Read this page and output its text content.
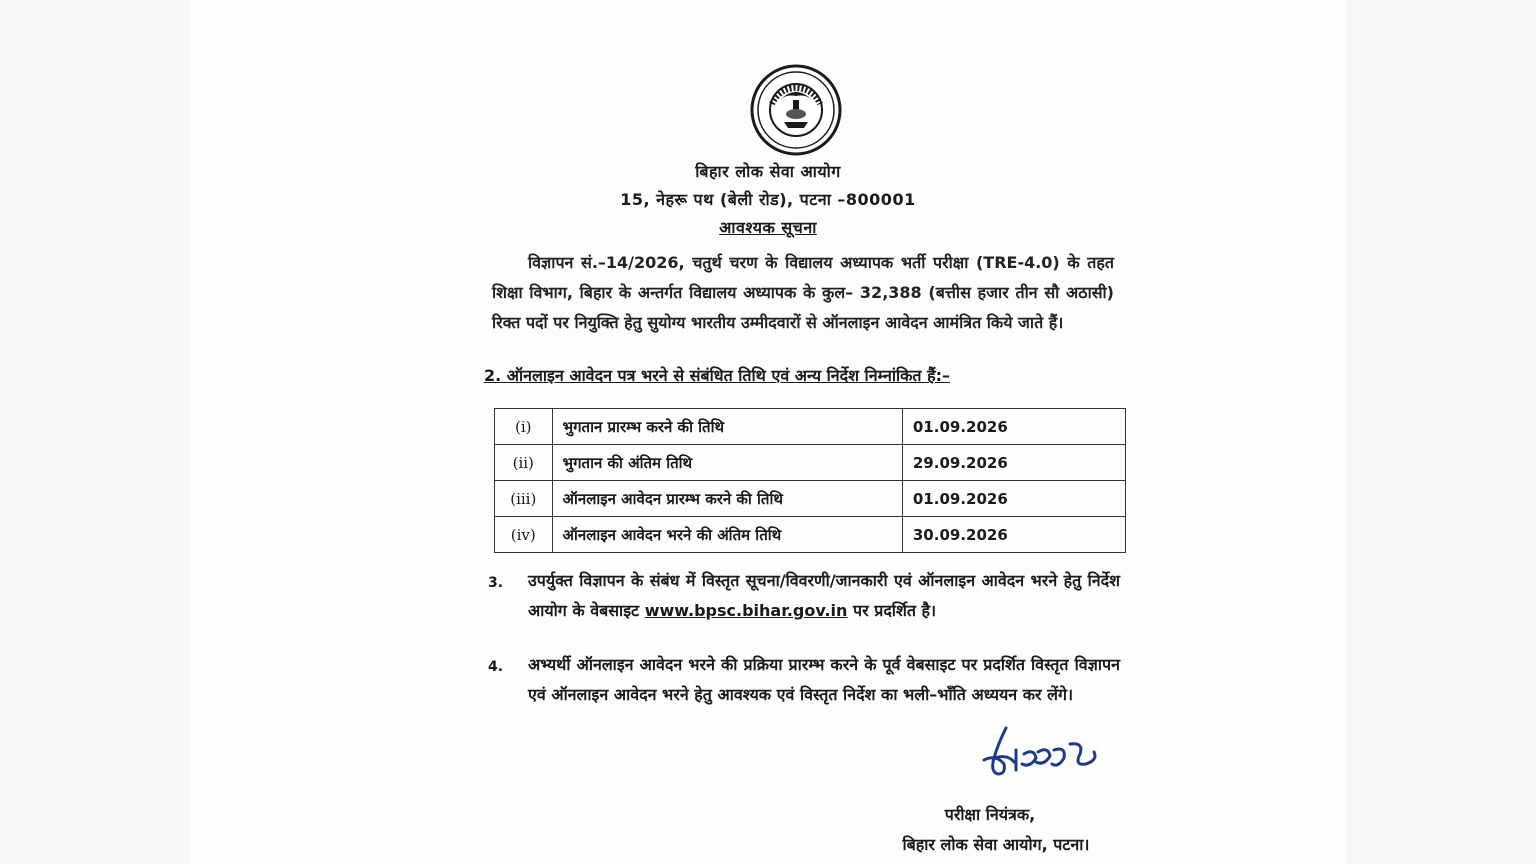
बिहार लोक सेवा आयोग
15, नेहरू पथ (बेली रोड), पटना –800001
आवश्यक सूचना
विज्ञापन सं.–14/2026, चतुर्थ चरण के विद्यालय अध्यापक भर्ती परीक्षा (TRE-4.0) के तहत शिक्षा विभाग, बिहार के अन्तर्गत विद्यालय अध्यापक के कुल– 32,388 (बत्तीस हजार तीन सौ अठासी) रिक्त पदों पर नियुक्ति हेतु सुयोग्य भारतीय उम्मीदवारों से ऑनलाइन आवेदन आमंत्रित किये जाते हैं।
2. ऑनलाइन आवेदन पत्र भरने से संबंधित तिथि एवं अन्य निर्देश निम्नांकित हैं:–
(i)	भुगतान प्रारम्भ करने की तिथि	01.09.2026
(ii)	भुगतान की अंतिम तिथि	29.09.2026
(iii)	ऑनलाइन आवेदन प्रारम्भ करने की तिथि	01.09.2026
(iv)	ऑनलाइन आवेदन भरने की अंतिम तिथि	30.09.2026
3.	उपर्युक्त विज्ञापन के संबंध में विस्तृत सूचना/विवरणी/जानकारी एवं ऑनलाइन आवेदन भरने हेतु निर्देश आयोग के वेबसाइट www.bpsc.bihar.gov.in पर प्रदर्शित है।
4.	अभ्यर्थी ऑनलाइन आवेदन भरने की प्रक्रिया प्रारम्भ करने के पूर्व वेबसाइट पर प्रदर्शित विस्तृत विज्ञापन एवं ऑनलाइन आवेदन भरने हेतु आवश्यक एवं विस्तृत निर्देश का भली–भाँति अध्ययन कर लेंगे।
परीक्षा नियंत्रक,
बिहार लोक सेवा आयोग, पटना।
